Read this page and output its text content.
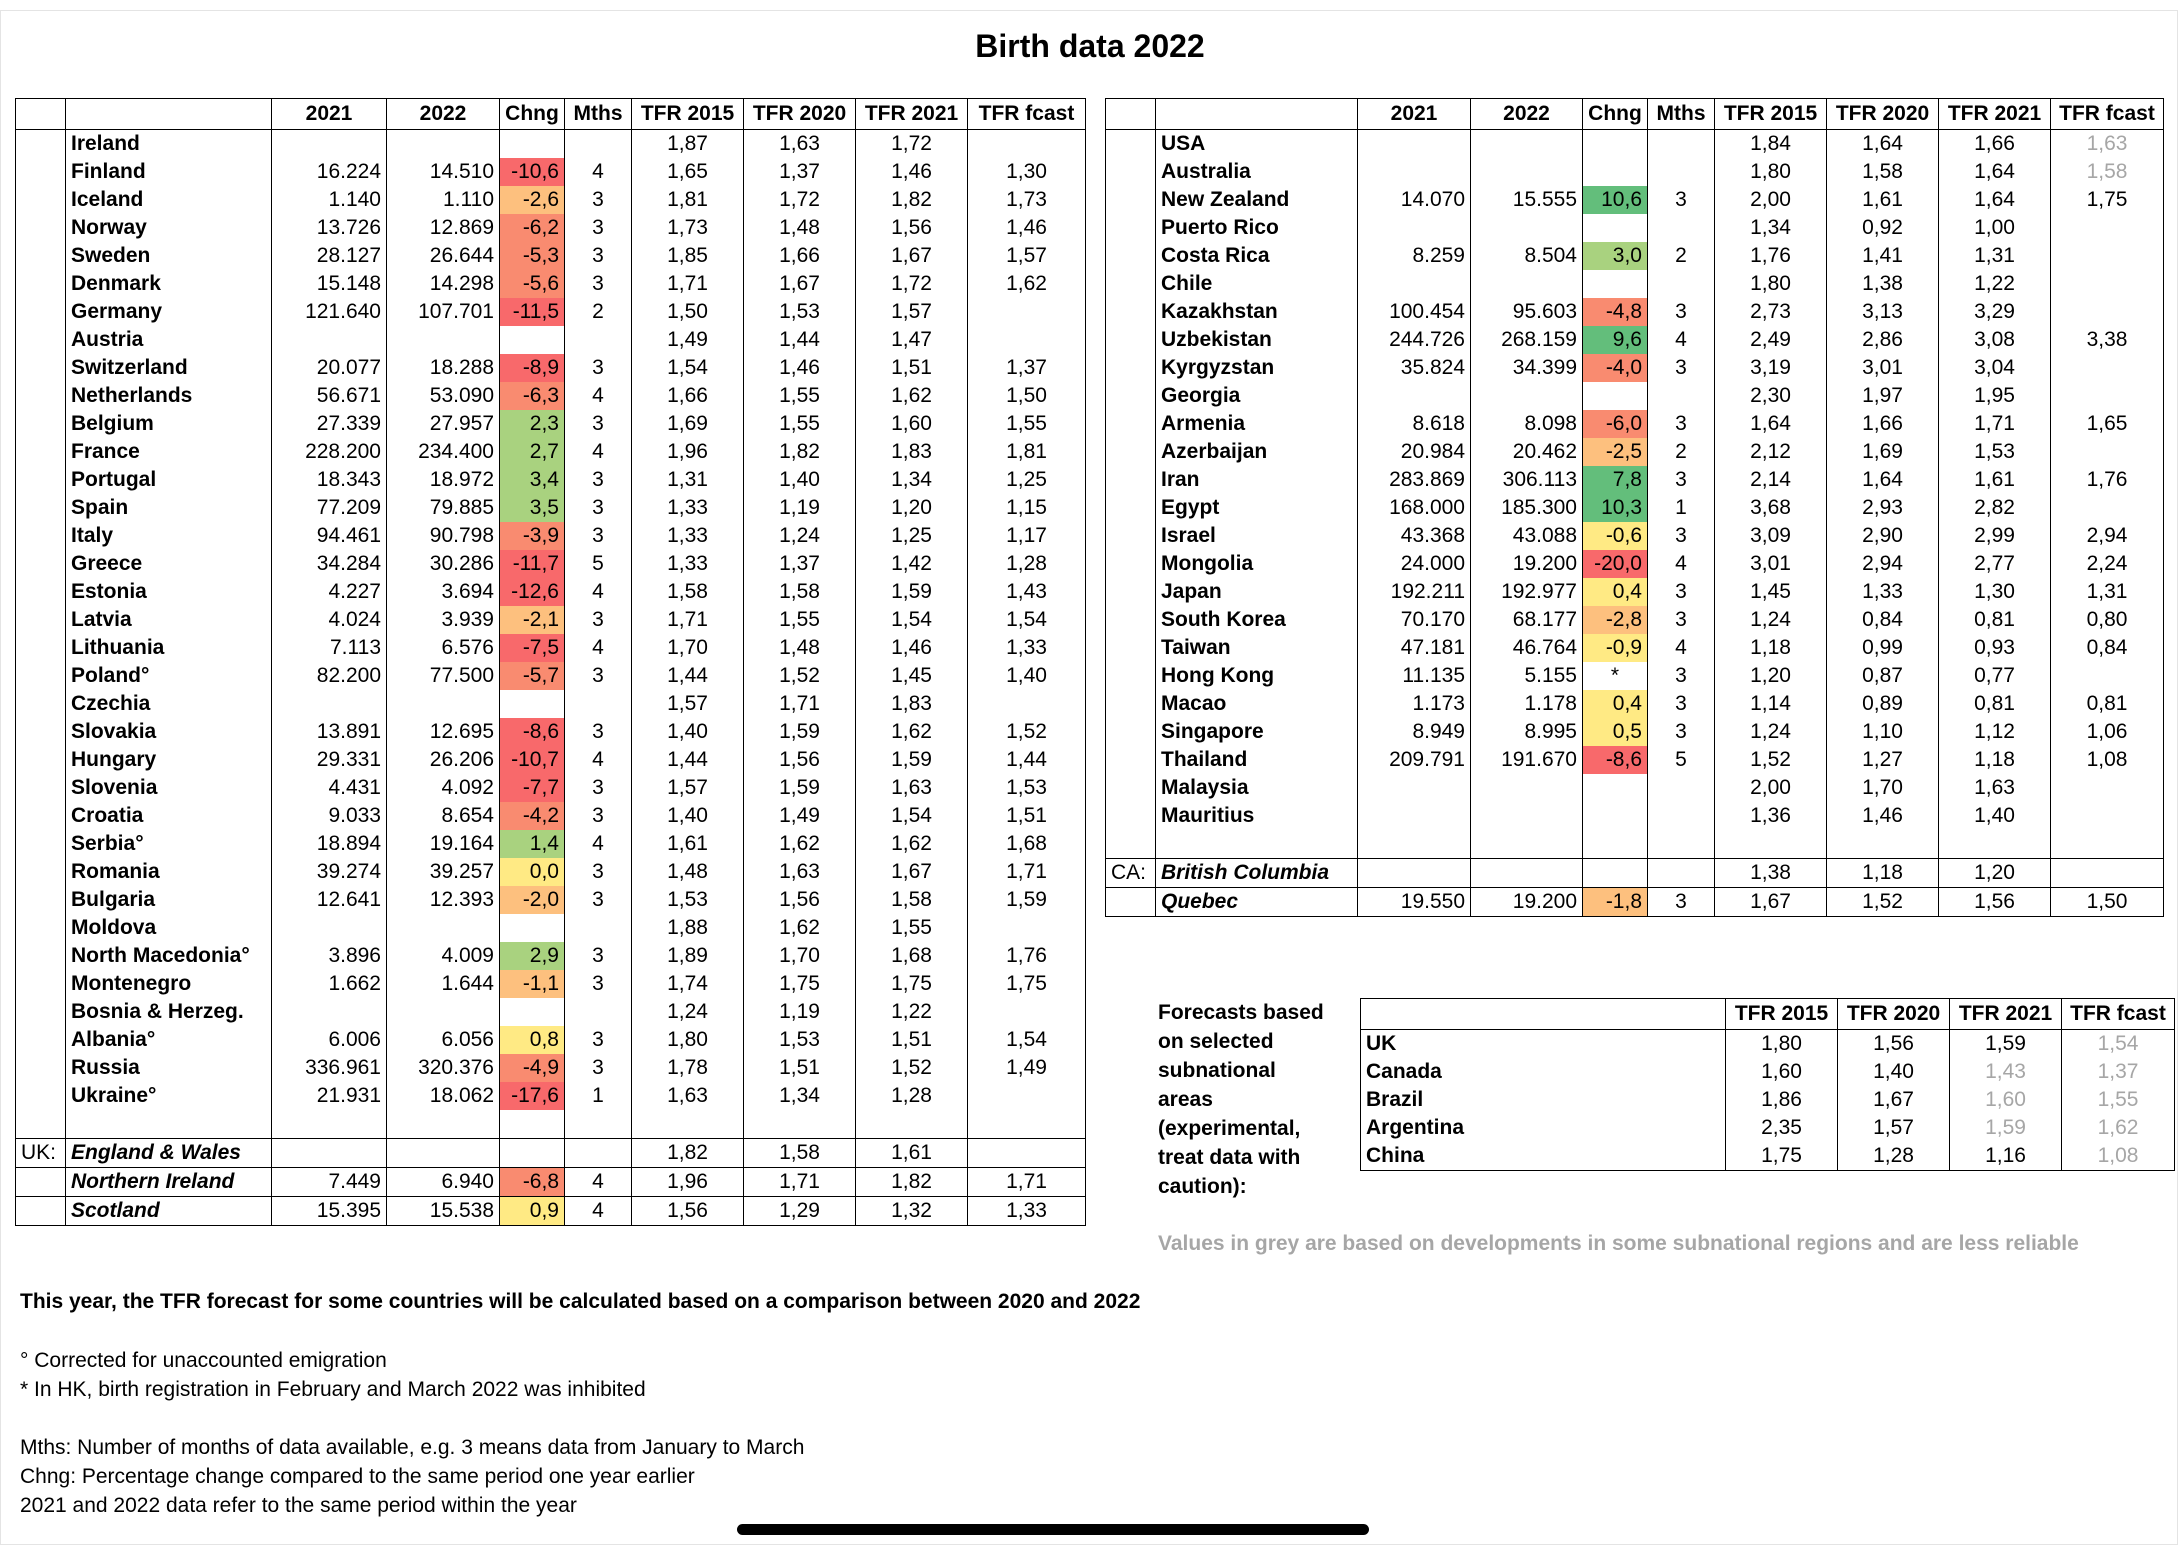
Birth data 2022
		2021	2022	Chng	Mths	TFR 2015	TFR 2020	TFR 2021	TFR fcast
	Ireland					1,87	1,63	1,72	
	Finland	16.224	14.510	-10,6	4	1,65	1,37	1,46	1,30
	Iceland	1.140	1.110	-2,6	3	1,81	1,72	1,82	1,73
	Norway	13.726	12.869	-6,2	3	1,73	1,48	1,56	1,46
	Sweden	28.127	26.644	-5,3	3	1,85	1,66	1,67	1,57
	Denmark	15.148	14.298	-5,6	3	1,71	1,67	1,72	1,62
	Germany	121.640	107.701	-11,5	2	1,50	1,53	1,57	
	Austria					1,49	1,44	1,47	
	Switzerland	20.077	18.288	-8,9	3	1,54	1,46	1,51	1,37
	Netherlands	56.671	53.090	-6,3	4	1,66	1,55	1,62	1,50
	Belgium	27.339	27.957	2,3	3	1,69	1,55	1,60	1,55
	France	228.200	234.400	2,7	4	1,96	1,82	1,83	1,81
	Portugal	18.343	18.972	3,4	3	1,31	1,40	1,34	1,25
	Spain	77.209	79.885	3,5	3	1,33	1,19	1,20	1,15
	Italy	94.461	90.798	-3,9	3	1,33	1,24	1,25	1,17
	Greece	34.284	30.286	-11,7	5	1,33	1,37	1,42	1,28
	Estonia	4.227	3.694	-12,6	4	1,58	1,58	1,59	1,43
	Latvia	4.024	3.939	-2,1	3	1,71	1,55	1,54	1,54
	Lithuania	7.113	6.576	-7,5	4	1,70	1,48	1,46	1,33
	Poland°	82.200	77.500	-5,7	3	1,44	1,52	1,45	1,40
	Czechia					1,57	1,71	1,83	
	Slovakia	13.891	12.695	-8,6	3	1,40	1,59	1,62	1,52
	Hungary	29.331	26.206	-10,7	4	1,44	1,56	1,59	1,44
	Slovenia	4.431	4.092	-7,7	3	1,57	1,59	1,63	1,53
	Croatia	9.033	8.654	-4,2	3	1,40	1,49	1,54	1,51
	Serbia°	18.894	19.164	1,4	4	1,61	1,62	1,62	1,68
	Romania	39.274	39.257	0,0	3	1,48	1,63	1,67	1,71
	Bulgaria	12.641	12.393	-2,0	3	1,53	1,56	1,58	1,59
	Moldova					1,88	1,62	1,55	
	North Macedonia°	3.896	4.009	2,9	3	1,89	1,70	1,68	1,76
	Montenegro	1.662	1.644	-1,1	3	1,74	1,75	1,75	1,75
	Bosnia & Herzeg.					1,24	1,19	1,22	
	Albania°	6.006	6.056	0,8	3	1,80	1,53	1,51	1,54
	Russia	336.961	320.376	-4,9	3	1,78	1,51	1,52	1,49
	Ukraine°	21.931	18.062	-17,6	1	1,63	1,34	1,28	

UK:	England & Wales					1,82	1,58	1,61	
	Northern Ireland	7.449	6.940	-6,8	4	1,96	1,71	1,82	1,71
	Scotland	15.395	15.538	0,9	4	1,56	1,29	1,32	1,33
		2021	2022	Chng	Mths	TFR 2015	TFR 2020	TFR 2021	TFR fcast
	USA					1,84	1,64	1,66	1,63
	Australia					1,80	1,58	1,64	1,58
	New Zealand	14.070	15.555	10,6	3	2,00	1,61	1,64	1,75
	Puerto Rico					1,34	0,92	1,00	
	Costa Rica	8.259	8.504	3,0	2	1,76	1,41	1,31	
	Chile					1,80	1,38	1,22	
	Kazakhstan	100.454	95.603	-4,8	3	2,73	3,13	3,29	
	Uzbekistan	244.726	268.159	9,6	4	2,49	2,86	3,08	3,38
	Kyrgyzstan	35.824	34.399	-4,0	3	3,19	3,01	3,04	
	Georgia					2,30	1,97	1,95	
	Armenia	8.618	8.098	-6,0	3	1,64	1,66	1,71	1,65
	Azerbaijan	20.984	20.462	-2,5	2	2,12	1,69	1,53	
	Iran	283.869	306.113	7,8	3	2,14	1,64	1,61	1,76
	Egypt	168.000	185.300	10,3	1	3,68	2,93	2,82	
	Israel	43.368	43.088	-0,6	3	3,09	2,90	2,99	2,94
	Mongolia	24.000	19.200	-20,0	4	3,01	2,94	2,77	2,24
	Japan	192.211	192.977	0,4	3	1,45	1,33	1,30	1,31
	South Korea	70.170	68.177	-2,8	3	1,24	0,84	0,81	0,80
	Taiwan	47.181	46.764	-0,9	4	1,18	0,99	0,93	0,84
	Hong Kong	11.135	5.155	*	3	1,20	0,87	0,77	
	Macao	1.173	1.178	0,4	3	1,14	0,89	0,81	0,81
	Singapore	8.949	8.995	0,5	3	1,24	1,10	1,12	1,06
	Thailand	209.791	191.670	-8,6	5	1,52	1,27	1,18	1,08
	Malaysia					2,00	1,70	1,63	
	Mauritius					1,36	1,46	1,40	

CA:	British Columbia					1,38	1,18	1,20	
	Quebec	19.550	19.200	-1,8	3	1,67	1,52	1,56	1,50
Forecasts based
on selected
subnational
areas
(experimental,
treat data with
caution):
	TFR 2015	TFR 2020	TFR 2021	TFR fcast
UK	1,80	1,56	1,59	1,54
Canada	1,60	1,40	1,43	1,37
Brazil	1,86	1,67	1,60	1,55
Argentina	2,35	1,57	1,59	1,62
China	1,75	1,28	1,16	1,08
Values in grey are based on developments in some subnational regions and are less reliable
This year, the TFR forecast for some countries will be calculated based on a comparison between 2020 and 2022
° Corrected for unaccounted emigration
* In HK, birth registration in February and March 2022 was inhibited
Mths: Number of months of data available, e.g. 3 means data from January to March
Chng: Percentage change compared to the same period one year earlier
2021 and 2022 data refer to the same period within the year
